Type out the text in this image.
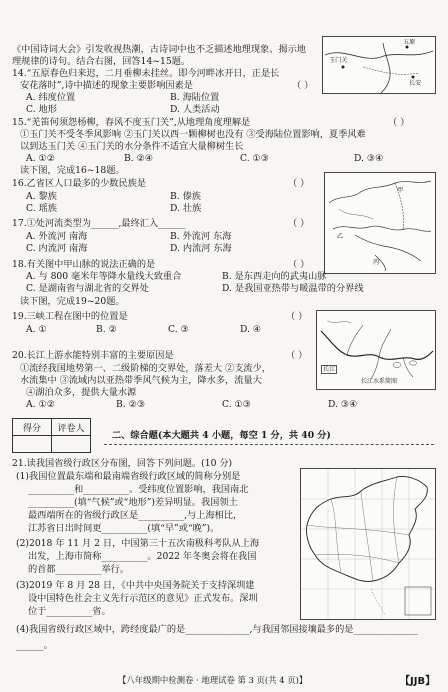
《中国诗词大会》引发收视热潮，古诗词中也不乏描述地理现象、揭示地理规律的诗句。结合右图，回答14~15题。
五原
玉门关
长安
14.“五原春色归来迟，二月垂柳未挂丝。即今河畔冰开日，正是长
安花落时”,诗中描述的现象主要影响因素是	（ ）
A. 纬度位置	B. 海陆位置
C. 地形	D. 人类活动
15.“羌笛何须怨杨柳，春风不度玉门关”,从地理角度理解是	（ ）
①玉门关不受冬季风影响 ②玉门关以西一颗柳树也没有 ③受海陆位置影响，夏季风难
以到达玉门关 ④玉门关的水分条件不适宜大量柳树生长
A. ①②	B. ②④	C. ①③	D. ③④
读下图，完成16~18题。
甲
乙
丙
16.乙省区人口最多的少数民族是	（ ）
A. 黎族	B. 傣族
C. 瑶族	D. 壮族
17.①处河流类型为______,最终汇入______	（ ）
A. 外流河 南海	B. 外流河 东海
C. 内流河 南海	D. 内流河 东海
18.有关图中甲山脉的说法正确的是	（ ）
A. 与 800 毫米年等降水量线大致重合	B. 是东西走向的武夷山脉
C. 是湖南省与湖北省的交界处	D. 是我国亚热带与暖温带的分界线
读下图，完成19~20题。
长江水系简图
长江
19.三峡工程在图中的位置是	（ ）
A. ①	B. ②	C. ③	D. ④
20.长江上游水能特别丰富的主要原因是	（ ）
①流经我国地势第一、二级阶梯的交界处，落差大 ②支流少，
水流集中 ③流域内以亚热带季风气候为主，降水多，流量大
④湖泊众多，提供大量水源
A. ①②	B. ②③	C. ①③	D. ③④
得分	评卷人

二、综合题(本大题共 4 小题，每空 1 分，共 40 分)
21.读我国省级行政区分布图，回答下列问题。(10 分)
(1)我国位置最东端和最南端省级行政区域的简称分别是
__________和__________。受纬度位置影响，我国南北
__________(填“气候”或“地形”)差异明显。我国领土
最西端所在的省级行政区是__________,与上海相比，
江苏省日出时间更__________(填“早”或“晚”)。
(2)2018 年 11 月 2 日，中国第三十五次南极科考队从上海
出发，上海市简称__________。2022 年冬奥会将在我国
的首都__________举行。
(3)2019 年 8 月 28 日，《中共中央国务院关于支持深圳建
设中国特色社会主义先行示范区的意见》正式发布。深圳
位于__________省。
(4)我国省级行政区域中，跨经度最广的是______________,与我国邻国接壤最多的是______________
______。
【八年级期中检测卷 · 地理试卷 第 3 页(共 4 页)】	【JJB】
